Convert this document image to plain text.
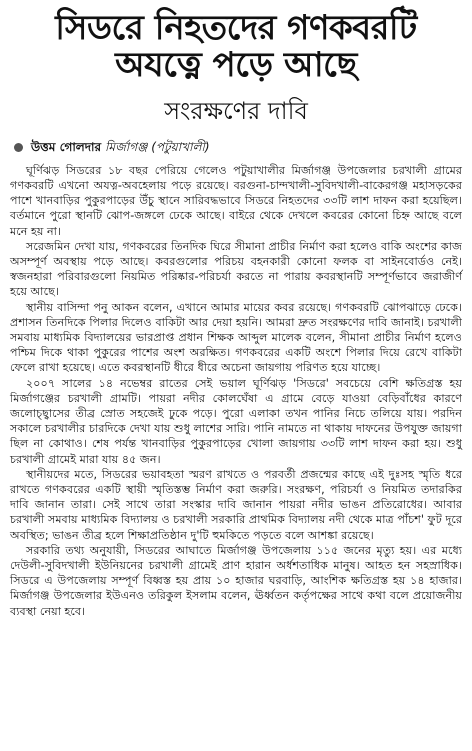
সিডরে নিহতদের গণকবরটি
অযত্নে পড়ে আছে
সংরক্ষণের দাবি
উত্তম গোলদার মির্জাগঞ্জ (পটুয়াখালী)

ঘূর্ণিঝড় সিডরের ১৮ বছর পেরিয়ে গেলেও পটুয়াখালীর মির্জাগঞ্জ উপজেলার চরখালী গ্রামের গণকবরটি এখনো অযত্ন-অবহেলায় পড়ে রয়েছে। বরগুনা-চান্দখালী-সুবিদখালী-বাকেরগঞ্জ মহাসড়কের পাশে খানবাড়ির পুকুরপাড়ের উঁচু স্থানে সারিবদ্ধভাবে সিডরে নিহতদের ৩৩টি লাশ দাফন করা হয়েছিল। বর্তমানে পুরো স্থানটি ঝোপ-জঙ্গলে ঢেকে আছে। বাইরে থেকে দেখলে কবরের কোনো চিহ্ন আছে বলে মনে হয় না।

সরেজমিন দেখা যায়, গণকবরের তিনদিক ঘিরে সীমানা প্রাচীর নির্মাণ করা হলেও বাকি অংশের কাজ অসম্পূর্ণ অবস্থায় পড়ে আছে। কবরগুলোর পরিচয় বহনকারী কোনো ফলক বা সাইনবোর্ডও নেই। স্বজনহারা পরিবারগুলো নিয়মিত পরিষ্কার-পরিচর্যা করতে না পারায় কবরস্থানটি সম্পূর্ণভাবে জরাজীর্ণ হয়ে আছে।

স্থানীয় বাসিন্দা পনু আকন বলেন, এখানে আমার মায়ের কবর রয়েছে। গণকবরটি ঝোপঝাড়ে ঢেকে। প্রশাসন তিনদিকে পিলার দিলেও বাকিটা আর দেয়া হয়নি। আমরা দ্রুত সংরক্ষণের দাবি জানাই। চরখালী সমবায় মাধ্যমিক বিদ্যালয়ের ভারপ্রাপ্ত প্রধান শিক্ষক আব্দুল মালেক বলেন, সীমানা প্রাচীর নির্মাণ হলেও পশ্চিম দিকে থাকা পুকুরের পাশের অংশ অরক্ষিত। গণকবরের একটি অংশে পিলার দিয়ে রেখে বাকিটা ফেলে রাখা হয়েছে। এতে কবরস্থানটি ধীরে ধীরে অচেনা জায়গায় পরিণত হয়ে যাচ্ছে।

২০০৭ সালের ১৪ নভেম্বর রাতের সেই ভয়াল ঘূর্ণিঝড় 'সিডরে' সবচেয়ে বেশি ক্ষতিগ্রস্ত হয় মির্জাগঞ্জের চরখালী গ্রামটি। পায়রা নদীর কোলঘেঁষা এ গ্রামে বেড়ে যাওয়া বেড়িবাঁধের কারণে জলোচ্ছ্বাসের তীব্র স্রোত সহজেই ঢুকে পড়ে। পুরো এলাকা তখন পানির নিচে তলিয়ে যায়। পরদিন সকালে চরখালীর চারদিকে দেখা যায় শুধু লাশের সারি। পানি নামতে না থাকায় দাফনের উপযুক্ত জায়গা ছিল না কোথাও। শেষ পর্যন্ত খানবাড়ির পুকুরপাড়ের খোলা জায়গায় ৩৩টি লাশ দাফন করা হয়। শুধু চরখালী গ্রামেই মারা যায় ৪৫ জন।

স্থানীয়দের মতে, সিডরের ভয়াবহতা স্মরণ রাখতে ও পরবর্তী প্রজন্মের কাছে এই দুঃসহ স্মৃতি ধরে রাখতে গণকবরের একটি স্থায়ী স্মৃতিস্তম্ভ নির্মাণ করা জরুরি। সংরক্ষণ, পরিচর্যা ও নিয়মিত তদারকির দাবি জানান তারা। সেই সাথে তারা সংস্কার দাবি জানান পায়রা নদীর ভাঙন প্রতিরোধের। আবার চরখালী সমবায় মাধ্যমিক বিদ্যালয় ও চরখালী সরকারি প্রাথমিক বিদ্যালয় নদী থেকে মাত্র পাঁচশ' ফুট দূরে অবস্থিত; ভাঙন তীব্র হলে শিক্ষাপ্রতিষ্ঠান দু'টি হুমকিতে পড়তে বলে আশঙ্কা রয়েছে।

সরকারি তথ্য অনুযায়ী, সিডরের আঘাতে মির্জাগঞ্জ উপজেলায় ১১৫ জনের মৃত্যু হয়। এর মধ্যে দেউলী-সুবিদখালী ইউনিয়নের চরখালী গ্রামেই প্রাণ হারান অর্ধশতাধিক মানুষ। আহত হন সহস্রাধিক। সিডরে এ উপজেলায় সম্পূর্ণ বিধ্বস্ত হয় প্রায় ১০ হাজার ঘরবাড়ি, আংশিক ক্ষতিগ্রস্ত হয় ১৪ হাজার। মির্জাগঞ্জ উপজেলার ইউএনও তরিকুল ইসলাম বলেন, ঊর্ধ্বতন কর্তৃপক্ষের সাথে কথা বলে প্রয়োজনীয় ব্যবস্থা নেয়া হবে।
